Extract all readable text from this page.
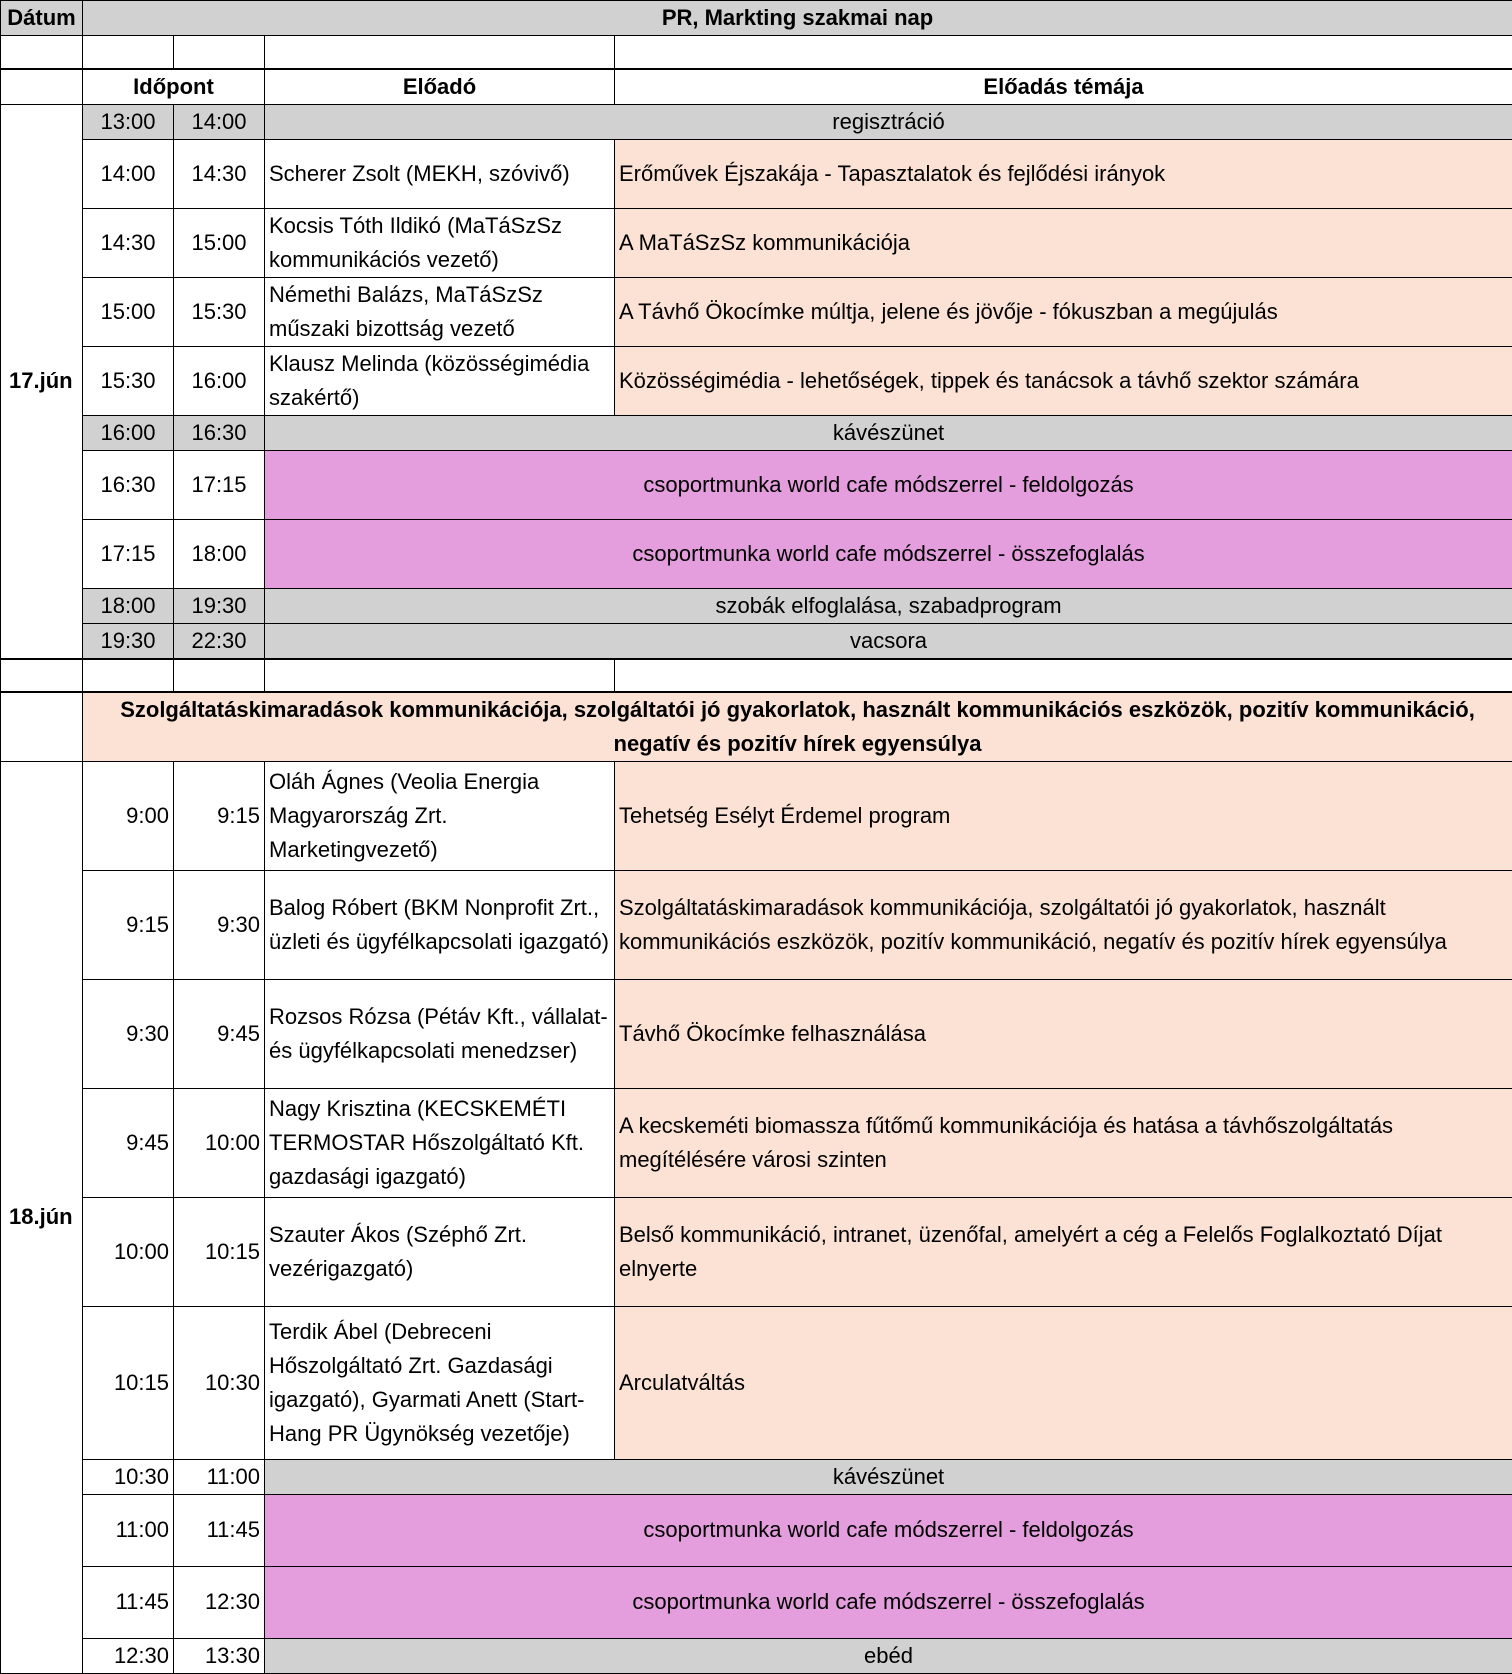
Dátum	PR, Markting szakmai nap			

	Időpont		Előadó	Előadás témája
17.jún	13:00	14:00	regisztráció	
	14:00	14:30	Scherer Zsolt (MEKH, szóvivő)	Erőművek Éjszakája - Tapasztalatok és fejlődési irányok
	14:30	15:00	Kocsis Tóth Ildikó (MaTáSzSz kommunikációs vezető)	A MaTáSzSz kommunikációja
	15:00	15:30	Némethi Balázs, MaTáSzSz műszaki bizottság vezető	A Távhő Ökocímke múltja, jelene és jövője - fókuszban a megújulás
	15:30	16:00	Klausz Melinda (közösségimédia szakértő)	Közösségimédia - lehetőségek, tippek és tanácsok a távhő szektor számára
	16:00	16:30	kávészünet	
	16:30	17:15	csoportmunka world cafe módszerrel - feldolgozás	
	17:15	18:00	csoportmunka world cafe módszerrel - összefoglalás	
	18:00	19:30	szobák elfoglalása, szabadprogram	
	19:30	22:30	vacsora	

	Szolgáltatáskimaradások kommunikációja, szolgáltatói jó gyakorlatok, használt kommunikációs eszközök, pozitív kommunikáció, negatív és pozitív hírek egyensúlya			
18.jún	9:00	9:15	Oláh Ágnes (Veolia Energia Magyarország Zrt. Marketingvezető)	Tehetség Esélyt Érdemel program
	9:15	9:30	Balog Róbert (BKM Nonprofit Zrt., üzleti és ügyfélkapcsolati igazgató)	Szolgáltatáskimaradások kommunikációja, szolgáltatói jó gyakorlatok, használt kommunikációs eszközök, pozitív kommunikáció, negatív és pozitív hírek egyensúlya
	9:30	9:45	Rozsos Rózsa (Pétáv Kft., vállalat- és ügyfélkapcsolati menedzser)	Távhő Ökocímke felhasználása
	9:45	10:00	Nagy Krisztina (KECSKEMÉTI TERMOSTAR Hőszolgáltató Kft. gazdasági igazgató)	A kecskeméti biomassza fűtőmű kommunikációja és hatása a távhőszolgáltatás megítélésére városi szinten
	10:00	10:15	Szauter Ákos (Széphő Zrt. vezérigazgató)	Belső kommunikáció, intranet, üzenőfal, amelyért a cég a Felelős Foglalkoztató Díjat elnyerte
	10:15	10:30	Terdik Ábel (Debreceni Hőszolgáltató Zrt. Gazdasági igazgató), Gyarmati Anett (Start-Hang PR Ügynökség vezetője)	Arculatváltás
	10:30	11:00	kávészünet	
	11:00	11:45	csoportmunka world cafe módszerrel - feldolgozás	
	11:45	12:30	csoportmunka world cafe módszerrel - összefoglalás	
	12:30	13:30	ebéd	
